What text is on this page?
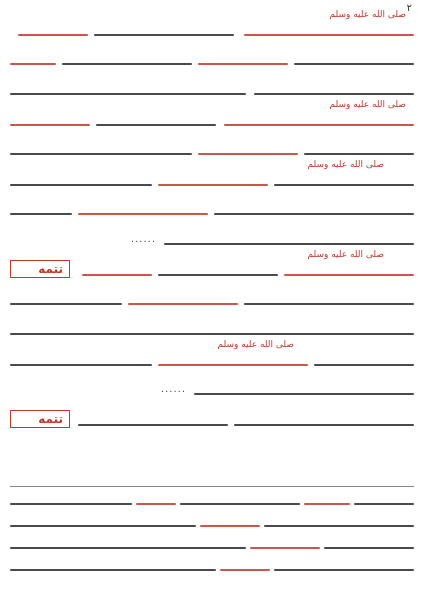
٢
صلى الله عليه وسلم
صلى الله عليه وسلم
صلى الله عليه وسلم
......
تتمه
صلى الله عليه وسلم
صلى الله عليه وسلم
......
تتمه
